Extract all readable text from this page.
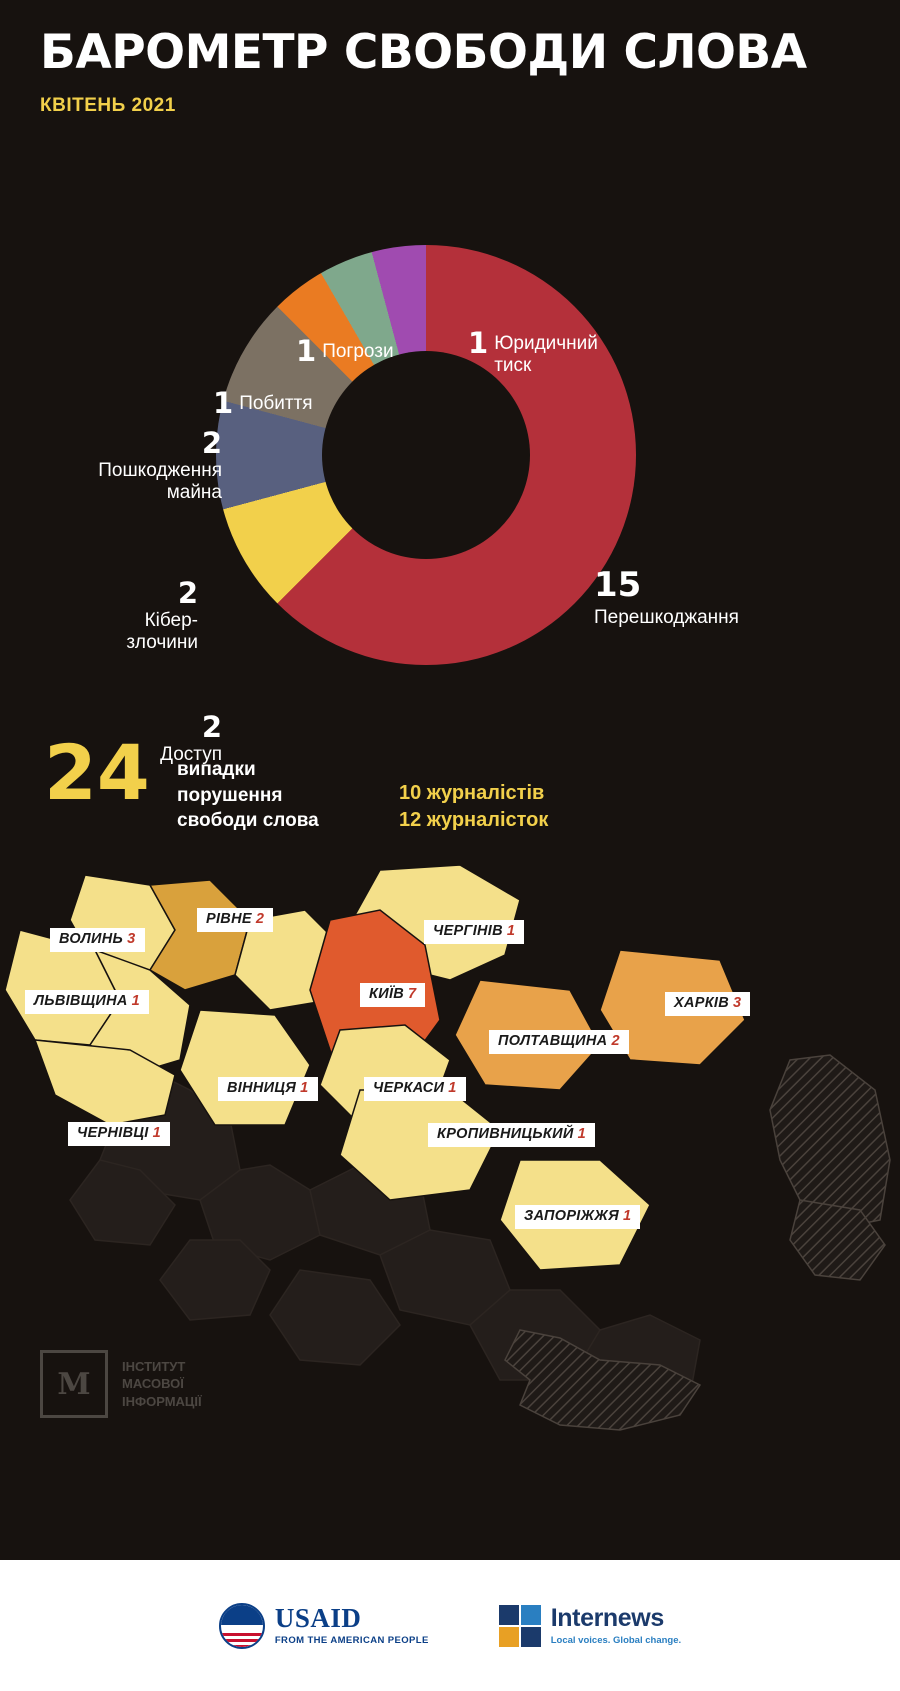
БАРОМЕТР СВОБОДИ СЛОВА
КВІТЕНЬ 2021
15
Перешкоджання
1 Погрози	1 Юридичний
тиск
1 Побиття
2
Пошкодження
майна
2
Кібер-
злочини
2
Доступ
24 випадки
порушення
свободи слова
10 журналістів
12 журналісток
ВОЛИНЬ 3
РІВНЕ 2
ЧЕРГІНІВ 1
ЛЬВІВЩИНА 1	КИЇВ 7
ХАРКІВ 3
ПОЛТАВЩИНА 2
ВІННИЦЯ 1	ЧЕРКАСИ 1
ЧЕРНІВЦІ 1	КРОПИВНИЦЬКИЙ 1
ЗАПОРІЖЖЯ 1
M
ІНСТИТУТ
МАСОВОЇ
ІНФОРМАЦІЇ
USAID
FROM THE AMERICAN PEOPLE
Internews
Local voices. Global change.
